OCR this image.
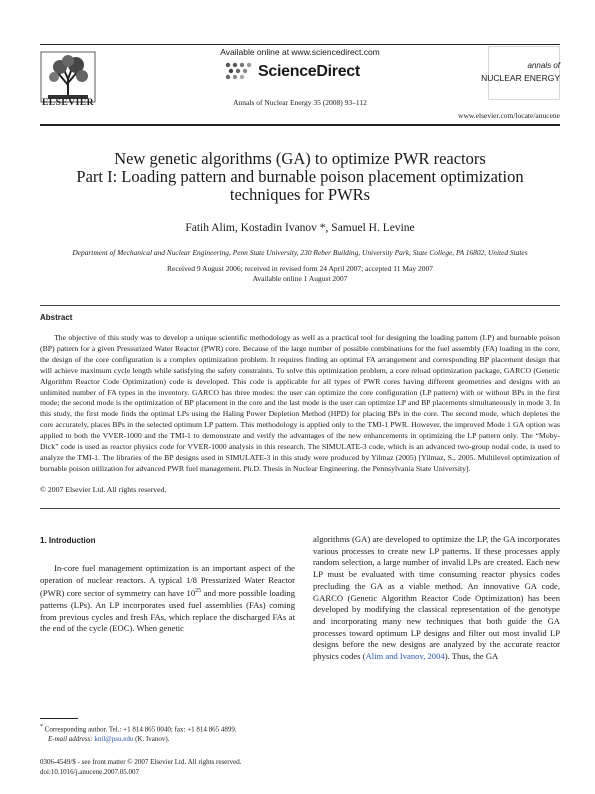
ELSEVIER
Available online at www.sciencedirect.com
ScienceDirect
Annals of Nuclear Energy 35 (2008) 93–112
annals of
NUCLEAR ENERGY
www.elsevier.com/locate/anucene
New genetic algorithms (GA) to optimize PWR reactors
Part I: Loading pattern and burnable poison placement optimization
techniques for PWRs
Fatih Alim, Kostadin Ivanov *, Samuel H. Levine
Department of Mechanical and Nuclear Engineering, Penn State University, 230 Reber Building, University Park, State College, PA 16802, United States
Received 9 August 2006; received in revised form 24 April 2007; accepted 11 May 2007
Available online 1 August 2007
Abstract
The objective of this study was to develop a unique scientific methodology as well as a practical tool for designing the loading pattern (LP) and burnable poison (BP) pattern for a given Pressurized Water Reactor (PWR) core. Because of the large number of possible combinations for the fuel assembly (FA) loading in the core, the design of the core configuration is a complex optimization problem. It requires finding an optimal FA arrangement and corresponding BP placement design that will achieve maximum cycle length while satisfying the safety constraints. To solve this optimization problem, a core reload optimization package, GARCO (Genetic Algorithm Reactor Code Optimization) code is developed. This code is applicable for all types of PWR cores having different geometries and designs with an unlimited number of FA types in the inventory. GARCO has three modes: the user can optimize the core configuration (LP pattern) with or without BPs in the first mode; the second mode is the optimization of BP placement in the core and the last mode is the user can optimize LP and BP placements simultaneously in mode 3. In this study, the first mode finds the optimal LPs using the Haling Power Depletion Method (HPD) for placing BPs in the core. The second mode, which depletes the core accurately, places BPs in the selected optimum LP pattern. This methodology is applied only to the TMI-1 PWR. However, the improved Mode 1 GA option was applied to both the VVER-1000 and the TMI-1 to demonstrate and verify the advantages of the new enhancements in optimizing the LP pattern only. The “Moby-Dick” code is used as reactor physics code for VVER-1000 analysis in this research. The SIMULATE-3 code, which is an advanced two-group nodal code, is used to analyze the TMI-1. The libraries of the BP designs used in SIMULATE-3 in this study were produced by Yilmaz (2005) [Yilmaz, S., 2005. Multilevel optimization of burnable poison utilization for advanced PWR fuel management. Ph.D. Thesis in Nuclear Engineering. the Pennsylvania State University].
© 2007 Elsevier Ltd. All rights reserved.
1. Introduction

In-core fuel management optimization is an important aspect of the operation of nuclear reactors. A typical 1/8 Pressurized Water Reactor (PWR) core sector of symmetry can have $10^{25}$ and more possible loading patterns (LPs). An LP incorporates used fuel assemblies (FAs) coming from previous cycles and fresh FAs, which replace the discharged FAs at the end of the cycle (EOC). When genetic

algorithms (GA) are developed to optimize the LP, the GA incorporates various processes to create new LP patterns. If these processes apply random selection, a large number of invalid LPs are created. Each new LP must be evaluated with time consuming reactor physics codes precluding the GA as a viable method. An innovative GA code, GARCO (Genetic Algorithm Reactor Code Optimization) has been developed by modifying the classical representation of the genotype and incorporating many new techniques that both guide the GA processes toward optimum LP designs and filter out most invalid LP designs before the new designs are analyzed by the accurate reactor physics codes (Alim and Ivanov, 2004). Thus, the GA

* Corresponding author. Tel.: +1 814 865 0040; fax: +1 814 865 4899.
E-mail address: knil@psu.edu (K. Ivanov).
0306-4549/$ - see front matter © 2007 Elsevier Ltd. All rights reserved.
doi:10.1016/j.anucene.2007.05.007
